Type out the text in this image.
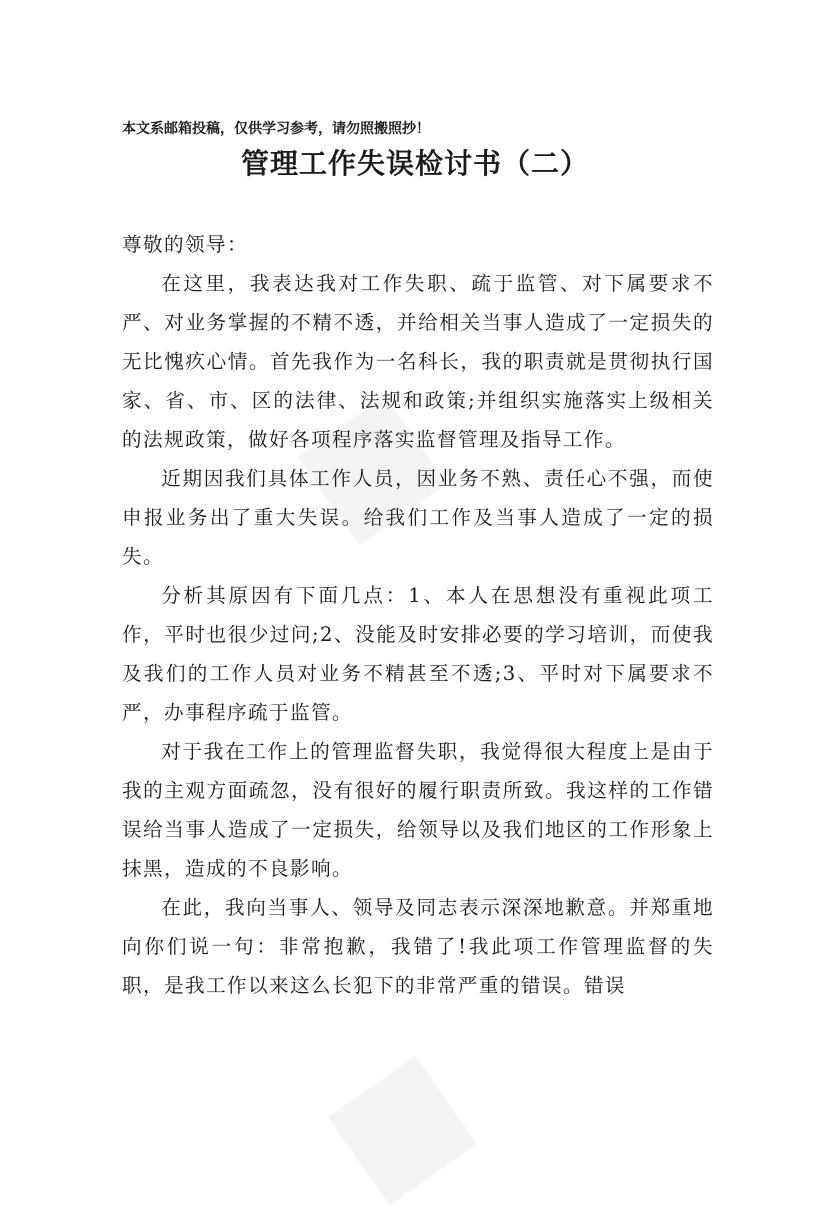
本文系邮箱投稿，仅供学习参考，请勿照搬照抄！
管理工作失误检讨书（二）

尊敬的领导：

在这里，我表达我对工作失职、疏于监管、对下属要求不严、对业务掌握的不精不透，并给相关当事人造成了一定损失的无比愧疚心情。首先我作为一名科长，我的职责就是贯彻执行国家、省、市、区的法律、法规和政策;并组织实施落实上级相关的法规政策，做好各项程序落实监督管理及指导工作。

近期因我们具体工作人员，因业务不熟、责任心不强，而使申报业务出了重大失误。给我们工作及当事人造成了一定的损失。

分析其原因有下面几点：1、本人在思想没有重视此项工作，平时也很少过问;2、没能及时安排必要的学习培训，而使我及我们的工作人员对业务不精甚至不透;3、平时对下属要求不严，办事程序疏于监管。

对于我在工作上的管理监督失职，我觉得很大程度上是由于我的主观方面疏忽，没有很好的履行职责所致。我这样的工作错误给当事人造成了一定损失，给领导以及我们地区的工作形象上抹黑，造成的不良影响。

在此，我向当事人、领导及同志表示深深地歉意。并郑重地向你们说一句：非常抱歉，我错了!我此项工作管理监督的失职，是我工作以来这么长犯下的非常严重的错误。错误
